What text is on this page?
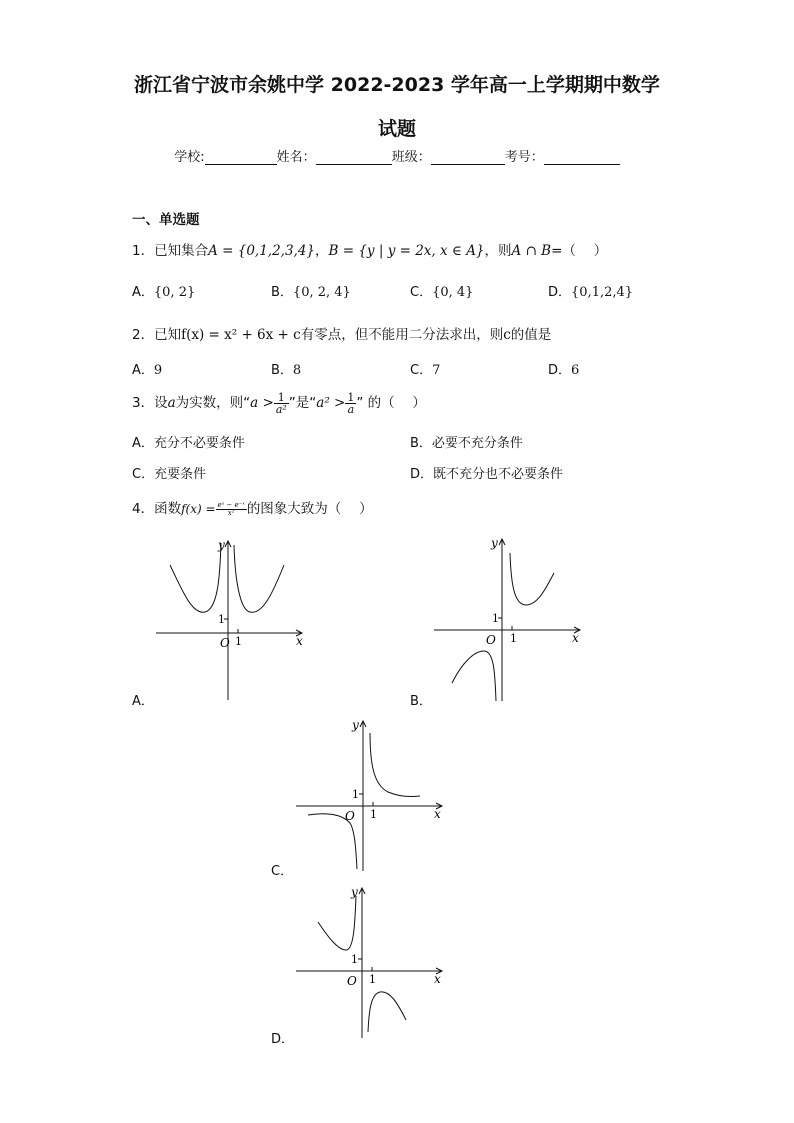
浙江省宁波市余姚中学 2022-2023 学年高一上学期期中数学
试题
学校:	姓名：	班级：	考号：
一、单选题
1．已知集合A = {0,1,2,3,4}，B = {y | y = 2x, x ∈ A}，则A ∩ B=（　 ）
A．{0, 2}	B．{0, 2, 4}	C．{0, 4}	D．{0,1,2,4}
2．已知f(x) = x² + 6x + c有零点，但不能用二分法求出，则c的值是
A．9	B．8	C．7	D．6
3．设a为实数，则“$a > \frac{1}{\text{a²}}$ ”是“$a^2 > \frac{1}{a}$ ” 的（　 ）
A．充分不必要条件	B．必要不充分条件
C．充要条件	D．既不充分也不必要条件
4．函数$f(x) = \frac{\text{eˣ − e⁻ˣ}}{\text{x²}}$ 的图象大致为（　 ）
A．
O
1
1
y
x
B．
O
1
1
y
x
C．
O
1
1
y
x
D．
O
1
1
y
x
